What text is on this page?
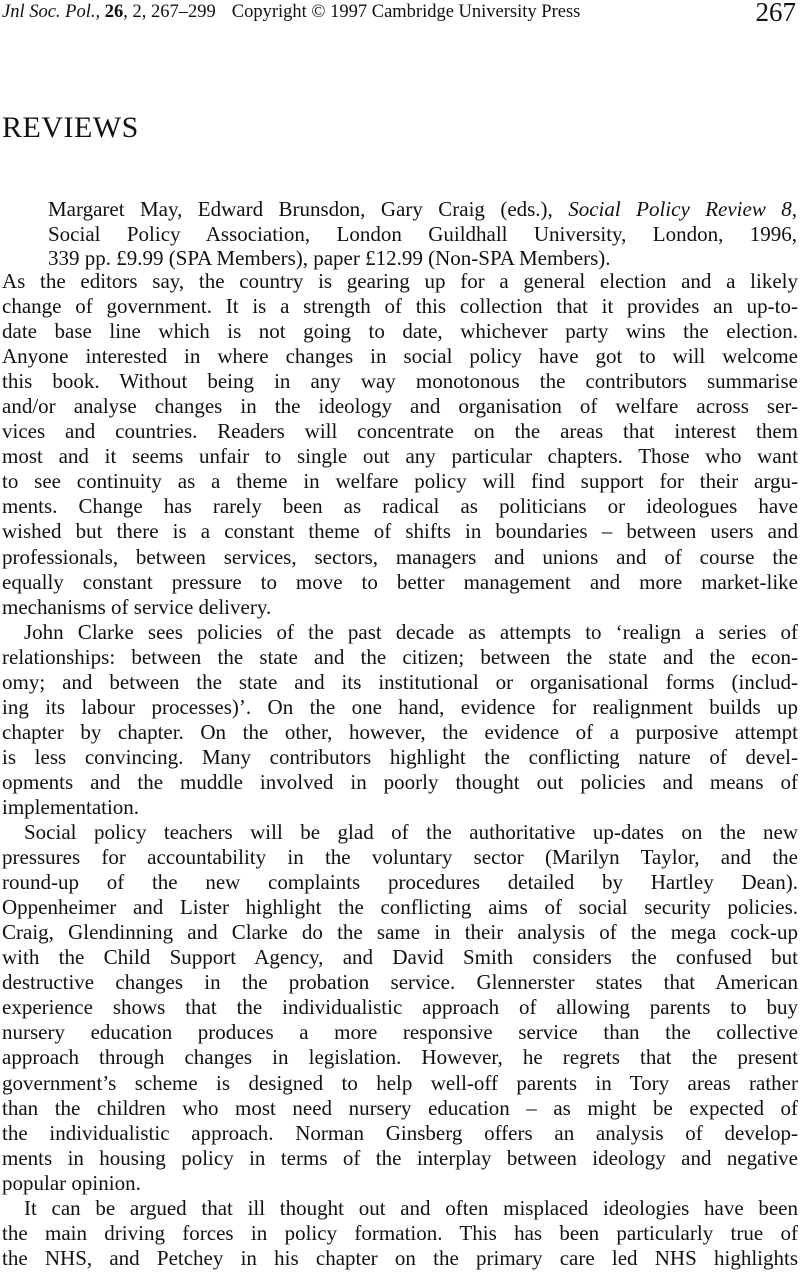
Jnl Soc. Pol., 26, 2, 267–299 Copyright © 1997 Cambridge University Press	267
REVIEWS
Margaret May, Edward Brunsdon, Gary Craig (eds.), Social Policy Review 8,
Social Policy Association, London Guildhall University, London, 1996,
339 pp. £9.99 (SPA Members), paper £12.99 (Non-SPA Members).
As the editors say, the country is gearing up for a general election and a likely
change of government. It is a strength of this collection that it provides an up-to-
date base line which is not going to date, whichever party wins the election.
Anyone interested in where changes in social policy have got to will welcome
this book. Without being in any way monotonous the contributors summarise
and/or analyse changes in the ideology and organisation of welfare across ser-
vices and countries. Readers will concentrate on the areas that interest them
most and it seems unfair to single out any particular chapters. Those who want
to see continuity as a theme in welfare policy will find support for their argu-
ments. Change has rarely been as radical as politicians or ideologues have
wished but there is a constant theme of shifts in boundaries – between users and
professionals, between services, sectors, managers and unions and of course the
equally constant pressure to move to better management and more market-like
mechanisms of service delivery.
John Clarke sees policies of the past decade as attempts to ‘realign a series of
relationships: between the state and the citizen; between the state and the econ-
omy; and between the state and its institutional or organisational forms (includ-
ing its labour processes)’. On the one hand, evidence for realignment builds up
chapter by chapter. On the other, however, the evidence of a purposive attempt
is less convincing. Many contributors highlight the conflicting nature of devel-
opments and the muddle involved in poorly thought out policies and means of
implementation.
Social policy teachers will be glad of the authoritative up-dates on the new
pressures for accountability in the voluntary sector (Marilyn Taylor, and the
round-up of the new complaints procedures detailed by Hartley Dean).
Oppenheimer and Lister highlight the conflicting aims of social security policies.
Craig, Glendinning and Clarke do the same in their analysis of the mega cock-up
with the Child Support Agency, and David Smith considers the confused but
destructive changes in the probation service. Glennerster states that American
experience shows that the individualistic approach of allowing parents to buy
nursery education produces a more responsive service than the collective
approach through changes in legislation. However, he regrets that the present
government’s scheme is designed to help well-off parents in Tory areas rather
than the children who most need nursery education – as might be expected of
the individualistic approach. Norman Ginsberg offers an analysis of develop-
ments in housing policy in terms of the interplay between ideology and negative
popular opinion.
It can be argued that ill thought out and often misplaced ideologies have been
the main driving forces in policy formation. This has been particularly true of
the NHS, and Petchey in his chapter on the primary care led NHS highlights
